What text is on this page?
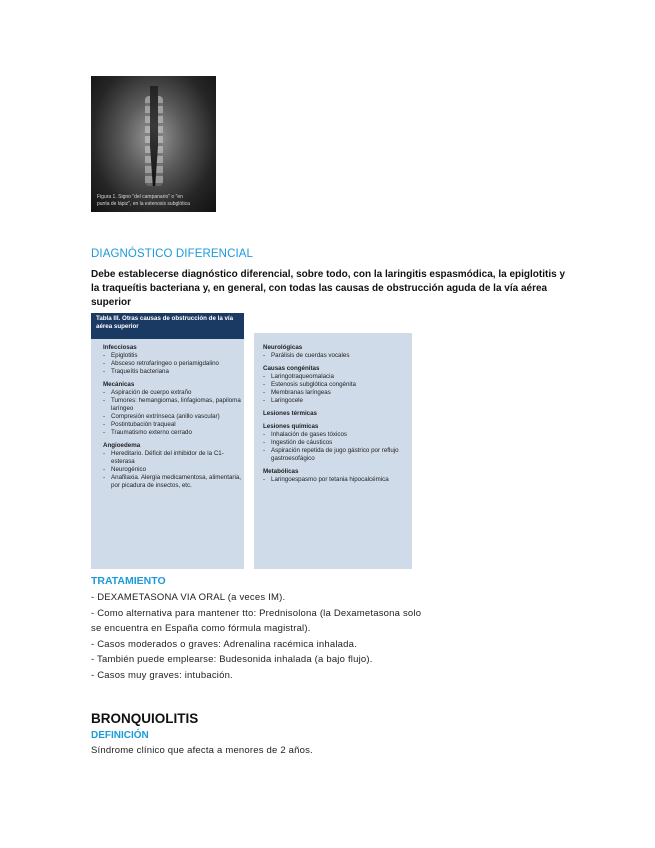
Figura 1. Signo "del campanario" o "en
punta de lápiz", en la estenosis subglótica
DIAGNÓSTICO DIFERENCIAL

Debe establecerse diagnóstico diferencial, sobre todo, con la laringitis espasmódica, la epiglotitis y la traqueítis bacteriana y, en general, con todas las causas de obstrucción aguda de la vía aérea superior

Tabla III. Otras causas de obstrucción de la vía aérea superior
Infecciosas
- Epiglotitis
- Absceso retrofaríngeo o periamigdalino
- Traqueítis bacteriana
Mecánicas
- Aspiración de cuerpo extraño
- Tumores: hemangiomas, linfagiomas, papiloma laríngeo
- Compresión extrínseca (anillo vascular)
- Postintubación traqueal
- Traumatismo externo cerrado
Angioedema
- Hereditario. Déficit del inhibidor de la C1-esterasa
- Neurogénico
- Anafilaxia. Alergia medicamentosa, alimentaria, por picadura de insectos, etc.
Neurológicas
- Parálisis de cuerdas vocales
Causas congénitas
- Laringotraqueomalacia
- Estenosis subglótica congénita
- Membranas laríngeas
- Laringocele
Lesiones térmicas
Lesiones químicas
- Inhalación de gases tóxicos
- Ingestión de cáusticos
- Aspiración repetida de jugo gástrico por reflujo gastroesofágico
Metabólicas
- Laringoespasmo por tetania hipocalcémica
TRATAMIENTO
- DEXAMETASONA VIA ORAL (a veces IM).
- Como alternativa para mantener tto: Prednisolona (la Dexametasona solo
se encuentra en España como fórmula magistral).
- Casos moderados o graves: Adrenalina racémica inhalada.
- También puede emplearse: Budesonida inhalada (a bajo flujo).
- Casos muy graves: intubación.
BRONQUIOLITIS
DEFINICIÓN

Síndrome clínico que afecta a menores de 2 años.
